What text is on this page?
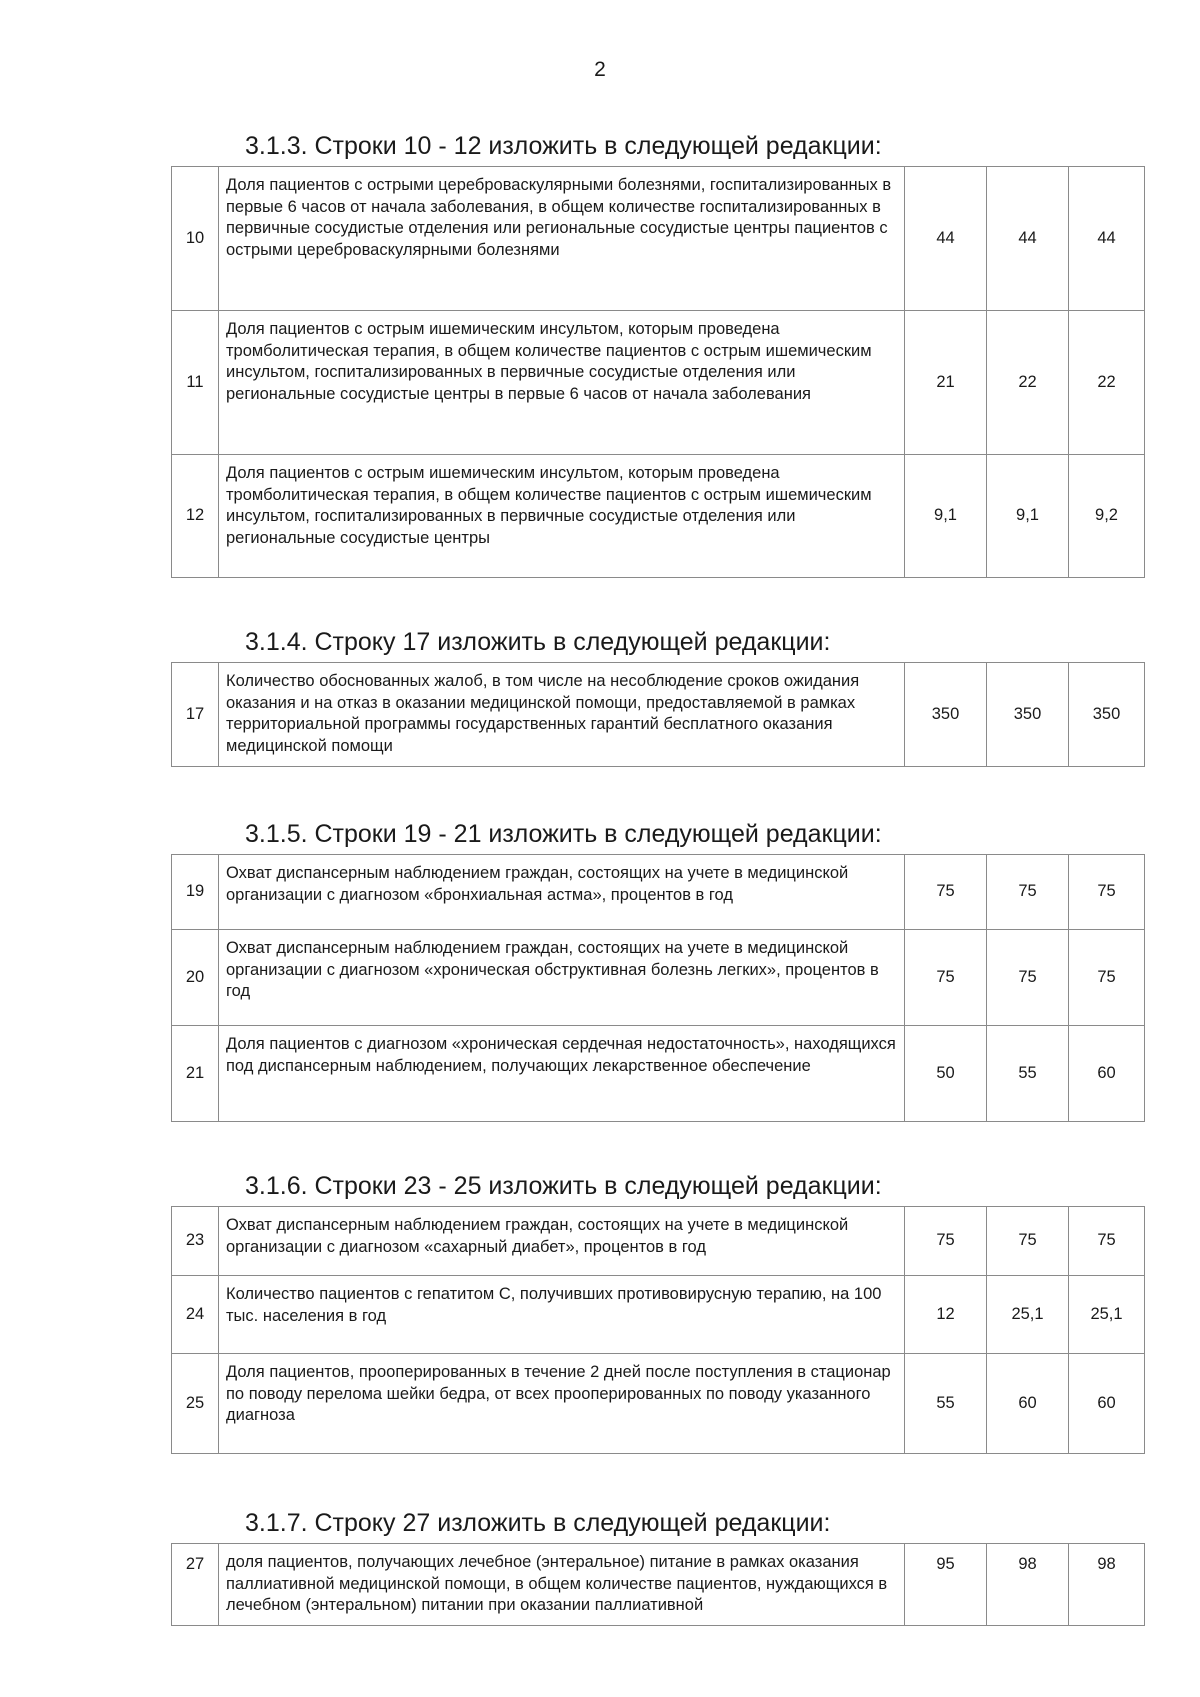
2
3.1.3. Строки 10 - 12 изложить в следующей редакции:
10	Доля пациентов с острыми цереброваскулярными болезнями, госпитализированных в первые 6 часов от начала заболевания, в общем количестве госпитализированных в первичные сосудистые отделения или региональные сосудистые центры пациентов с острыми цереброваскулярными болезнями	44	44	44
11	Доля пациентов с острым ишемическим инсультом, которым проведена тромболитическая терапия, в общем количестве пациентов с острым ишемическим инсультом, госпитализированных в первичные сосудистые отделения или региональные сосудистые центры в первые 6 часов от начала заболевания	21	22	22
12	Доля пациентов с острым ишемическим инсультом, которым проведена тромболитическая терапия, в общем количестве пациентов с острым ишемическим инсультом, госпитализированных в первичные сосудистые отделения или региональные сосудистые центры	9,1	9,1	9,2
3.1.4. Строку 17 изложить в следующей редакции:
17	Количество обоснованных жалоб, в том числе на несоблюдение сроков ожидания оказания и на отказ в оказании медицинской помощи, предоставляемой в рамках территориальной программы государственных гарантий бесплатного оказания медицинской помощи	350	350	350
3.1.5. Строки 19 - 21 изложить в следующей редакции:
19	Охват диспансерным наблюдением граждан, состоящих на учете в медицинской организации с диагнозом «бронхиальная астма», процентов в год	75	75	75
20	Охват диспансерным наблюдением граждан, состоящих на учете в медицинской организации с диагнозом «хроническая обструктивная болезнь легких», процентов в год	75	75	75
21	Доля пациентов с диагнозом «хроническая сердечная недостаточность», находящихся под диспансерным наблюдением, получающих лекарственное обеспечение	50	55	60
3.1.6. Строки 23 - 25 изложить в следующей редакции:
23	Охват диспансерным наблюдением граждан, состоящих на учете в медицинской организации с диагнозом «сахарный диабет», процентов в год	75	75	75
24	Количество пациентов с гепатитом С, получивших противовирусную терапию, на 100 тыс. населения в год	12	25,1	25,1
25	Доля пациентов, прооперированных в течение 2 дней после поступления в стационар по поводу перелома шейки бедра, от всех прооперированных по поводу указанного диагноза	55	60	60
3.1.7. Строку 27 изложить в следующей редакции:
27	доля пациентов, получающих лечебное (энтеральное) питание в рамках оказания паллиативной медицинской помощи, в общем количестве пациентов, нуждающихся в лечебном (энтеральном) питании при оказании паллиативной	95	98	98
